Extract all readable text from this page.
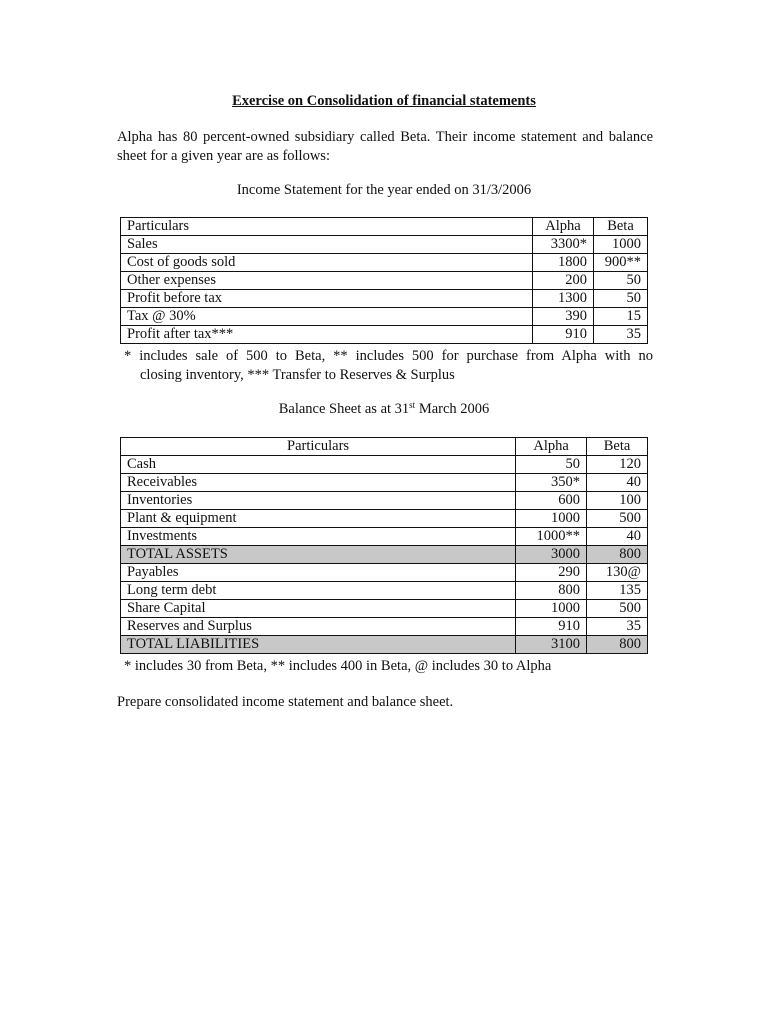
Exercise on Consolidation of financial statements
Alpha has 80 percent-owned subsidiary called Beta. Their income statement and balance sheet for a given year are as follows:
Income Statement for the year ended on 31/3/2006
Particulars	Alpha	Beta
Sales	3300*	1000
Cost of goods sold	1800	900**
Other expenses	200	50
Profit before tax	1300	50
Tax @ 30%	390	15
Profit after tax***	910	35
* includes sale of 500 to Beta, ** includes 500 for purchase from Alpha with no
closing inventory, *** Transfer to Reserves & Surplus
Balance Sheet as at 31st March 2006
Particulars	Alpha	Beta
Cash	50	120
Receivables	350*	40
Inventories	600	100
Plant & equipment	1000	500
Investments	1000**	40
TOTAL ASSETS	3000	800
Payables	290	130@
Long term debt	800	135
Share Capital	1000	500
Reserves and Surplus	910	35
TOTAL LIABILITIES	3100	800
* includes 30 from Beta, ** includes 400 in Beta, @ includes 30 to Alpha
Prepare consolidated income statement and balance sheet.
